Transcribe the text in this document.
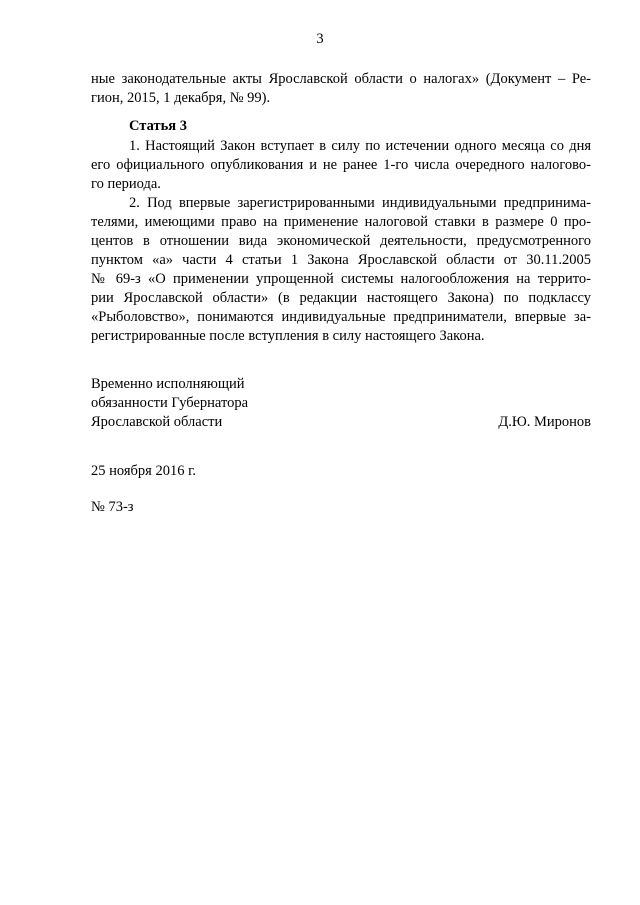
3
ные законодательные акты Ярославской области о налогах» (Документ – Ре-
гион, 2015, 1 декабря, № 99).
Статья 3
1. Настоящий Закон вступает в силу по истечении одного месяца со дня
его официального опубликования и не ранее 1-го числа очередного налогово-
го периода.
2. Под впервые зарегистрированными индивидуальными предпринима-
телями, имеющими право на применение налоговой ставки в размере 0 про-
центов в отношении вида экономической деятельности, предусмотренного
пунктом «а» части 4 статьи 1 Закона Ярославской области от 30.11.2005
№ 69-з «О применении упрощенной системы налогообложения на террито-
рии Ярославской области» (в редакции настоящего Закона) по подклассу
«Рыболовство», понимаются индивидуальные предприниматели, впервые за-
регистрированные после вступления в силу настоящего Закона.
Временно исполняющий
обязанности Губернатора
Ярославской области	Д.Ю. Миронов
25 ноября 2016 г.
№ 73-з
